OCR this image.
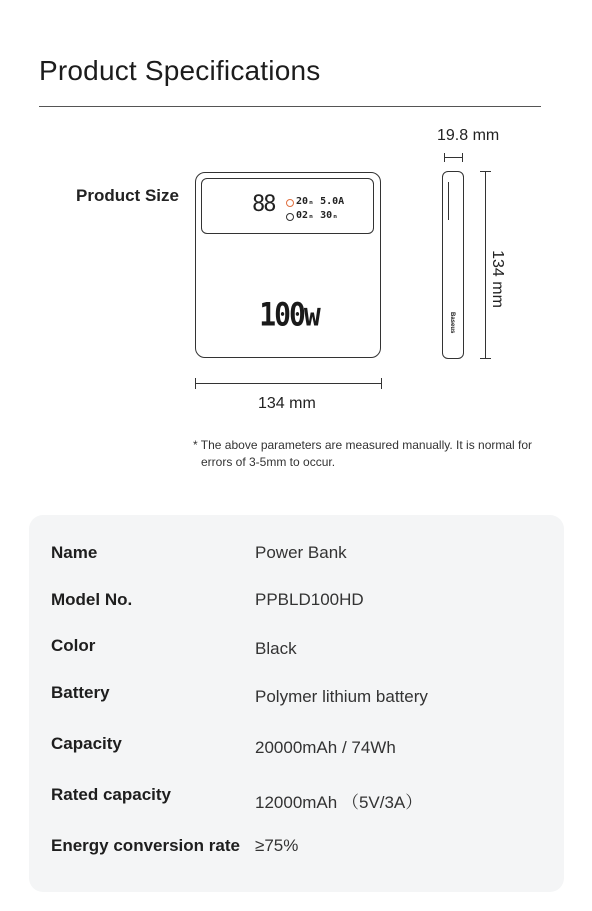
Product Specifications
Product Size	88 20ₙ 5.0A
02ₙ 30ₙ
100w	Baseus
19.8 mm
134 mm
134 mm
* The above parameters are measured manually. It is normal for
errors of 3-5mm to occur.
Name	Power Bank
Model No.	PPBLD100HD
Color	Black
Battery	Polymer lithium battery
Capacity	20000mAh / 74Wh
Rated capacity	12000mAh （5V/3A）
Energy conversion rate ≥75%
